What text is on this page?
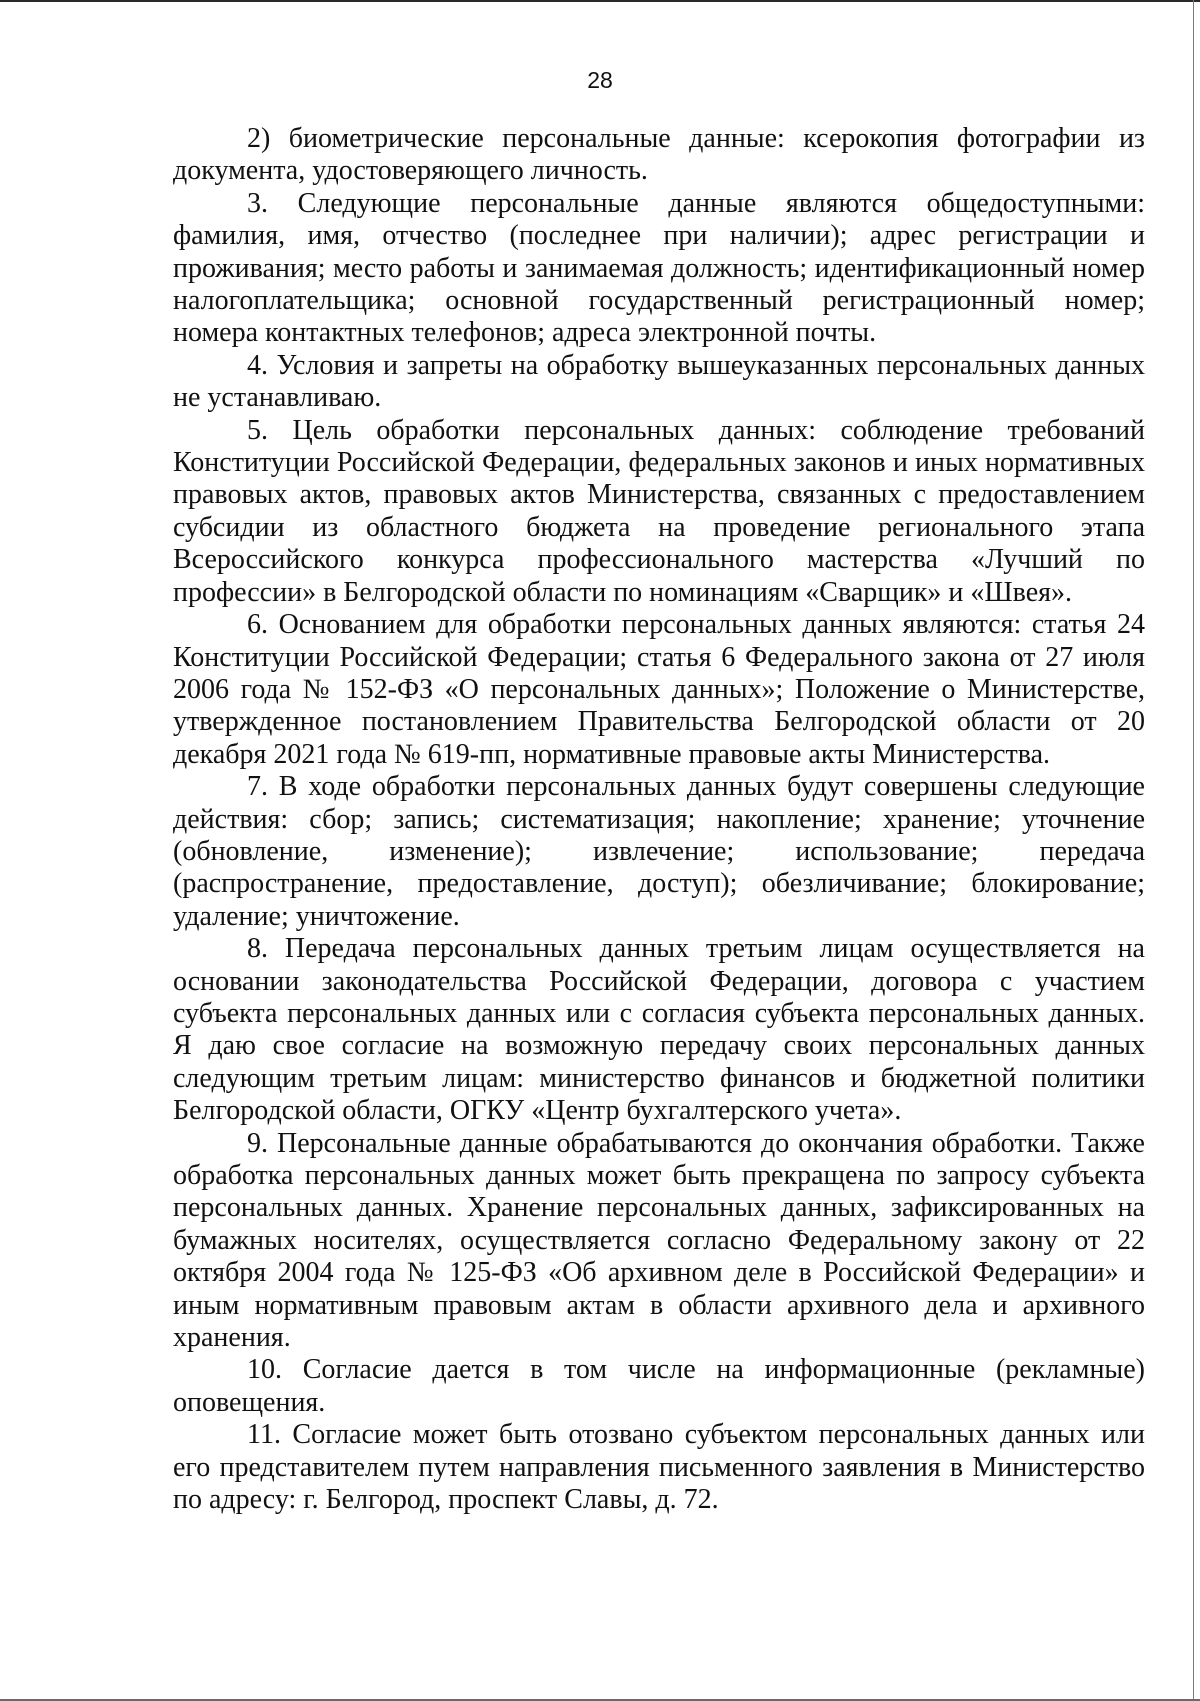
28

2) биометрические персональные данные: ксерокопия фотографии из документа, удостоверяющего личность.

3. Следующие персональные данные являются общедоступными: фамилия, имя, отчество (последнее при наличии); адрес регистрации и проживания; место работы и занимаемая должность; идентификационный номер налогоплательщика; основной государственный регистрационный номер; номера контактных телефонов; адреса электронной почты.

4. Условия и запреты на обработку вышеуказанных персональных данных не устанавливаю.

5. Цель обработки персональных данных: соблюдение требований Конституции Российской Федерации, федеральных законов и иных нормативных правовых актов, правовых актов Министерства, связанных с предоставлением субсидии из областного бюджета на проведение регионального этапа Всероссийского конкурса профессионального мастерства «Лучший по профессии» в Белгородской области по номинациям «Сварщик» и «Швея».

6. Основанием для обработки персональных данных являются: статья 24 Конституции Российской Федерации; статья 6 Федерального закона от 27 июля 2006 года № 152-ФЗ «О персональных данных»; Положение о Министерстве, утвержденное постановлением Правительства Белгородской области от 20 декабря 2021 года № 619-пп, нормативные правовые акты Министерства.

7. В ходе обработки персональных данных будут совершены следующие действия: сбор; запись; систематизация; накопление; хранение; уточнение (обновление, изменение); извлечение; использование; передача (распространение, предоставление, доступ); обезличивание; блокирование; удаление; уничтожение.

8. Передача персональных данных третьим лицам осуществляется на основании законодательства Российской Федерации, договора с участием субъекта персональных данных или с согласия субъекта персональных данных. Я даю свое согласие на возможную передачу своих персональных данных следующим третьим лицам: министерство финансов и бюджетной политики Белгородской области, ОГКУ «Центр бухгалтерского учета».

9. Персональные данные обрабатываются до окончания обработки. Также обработка персональных данных может быть прекращена по запросу субъекта персональных данных. Хранение персональных данных, зафиксированных на бумажных носителях, осуществляется согласно Федеральному закону от 22 октября 2004 года № 125-ФЗ «Об архивном деле в Российской Федерации» и иным нормативным правовым актам в области архивного дела и архивного хранения.

10. Согласие дается в том числе на информационные (рекламные) оповещения.

11. Согласие может быть отозвано субъектом персональных данных или его представителем путем направления письменного заявления в Министерство по адресу: г. Белгород, проспект Славы, д. 72.
